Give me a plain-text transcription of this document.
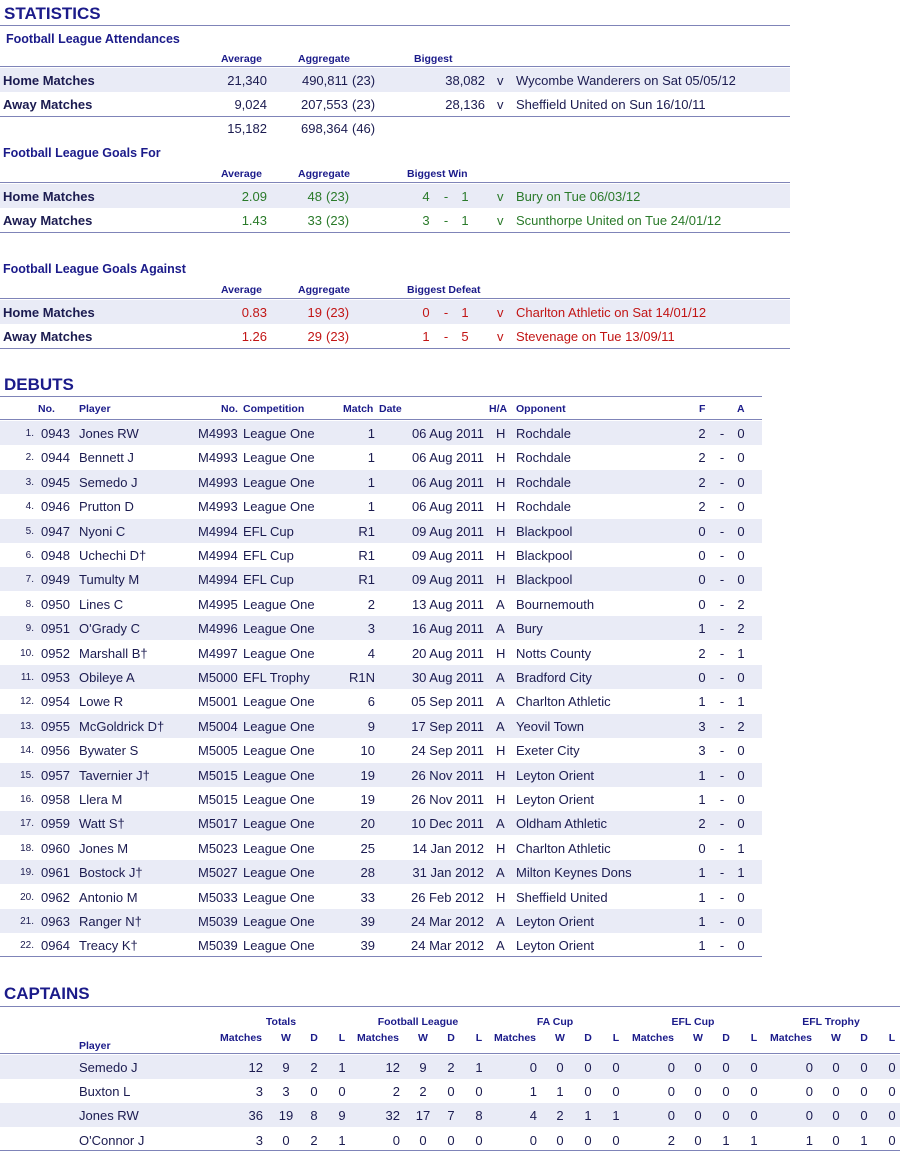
STATISTICS
Football League Attendances
Average	Aggregate	Biggest
Home Matches	21,340	490,811 (23)	38,082 v Wycombe Wanderers on Sat 05/05/12
Away Matches	9,024	207,553 (23)	28,136 v Sheffield United on Sun 16/10/11
15,182	698,364 (46)
Football League Goals For
Average	Aggregate	Biggest Win
Home Matches	2.09	48 (23)	4	-	1	v Bury on Tue 06/03/12
Away Matches	1.43	33 (23)	3	-	1	v Scunthorpe United on Tue 24/01/12
Football League Goals Against
Average	Aggregate	Biggest Defeat
Home Matches	0.83	19 (23)	0	-	1	v Charlton Athletic on Sat 14/01/12
Away Matches	1.26	29 (23)	1	-	5	v Stevenage on Tue 13/09/11
DEBUTS
No. Player	No. Competition	Match Date	H/A Opponent	F	A
1. 0943 Jones RW	M4993 League One	1	06 Aug 2011 H Rochdale	2	-	0
2. 0944 Bennett J	M4993 League One	1	06 Aug 2011 H Rochdale	2	-	0
3. 0945 Semedo J	M4993 League One	1	06 Aug 2011 H Rochdale	2	-	0
4. 0946 Prutton D	M4993 League One	1	06 Aug 2011 H Rochdale	2	-	0
5. 0947 Nyoni C	M4994 EFL Cup	R1	09 Aug 2011 H Blackpool	0	-	0
6. 0948 Uchechi D†	M4994 EFL Cup	R1	09 Aug 2011 H Blackpool	0	-	0
7. 0949 Tumulty M	M4994 EFL Cup	R1	09 Aug 2011 H Blackpool	0	-	0
8. 0950 Lines C	M4995 League One	2	13 Aug 2011 A Bournemouth	0	-	2
9. 0951 O'Grady C	M4996 League One	3	16 Aug 2011 A Bury	1	-	2
10. 0952 Marshall B†	M4997 League One	4	20 Aug 2011 H Notts County	2	-	1
11. 0953 Obileye A	M5000 EFL Trophy	R1N	30 Aug 2011 A Bradford City	0	-	0
12. 0954 Lowe R	M5001 League One	6	05 Sep 2011 A Charlton Athletic	1	-	1
13. 0955 McGoldrick D†	M5004 League One	9	17 Sep 2011 A Yeovil Town	3	-	2
14. 0956 Bywater S	M5005 League One	10	24 Sep 2011 H Exeter City	3	-	0
15. 0957 Tavernier J†	M5015 League One	19	26 Nov 2011 H Leyton Orient	1	-	0
16. 0958 Llera M	M5015 League One	19	26 Nov 2011 H Leyton Orient	1	-	0
17. 0959 Watt S†	M5017 League One	20	10 Dec 2011 A Oldham Athletic	2	-	0
18. 0960 Jones M	M5023 League One	25	14 Jan 2012 H Charlton Athletic	0	-	1
19. 0961 Bostock J†	M5027 League One	28	31 Jan 2012 A Milton Keynes Dons	1	-	1
20. 0962 Antonio M	M5033 League One	33	26 Feb 2012 H Sheffield United	1	-	0
21. 0963 Ranger N†	M5039 League One	39	24 Mar 2012 A Leyton Orient	1	-	0
22. 0964 Treacy K†	M5039 League One	39	24 Mar 2012 A Leyton Orient	1	-	0
CAPTAINS
Player
Totals
Matches	W	D	L
Football League
Matches	W	D	L
FA Cup
Matches	W	D	L
EFL Cup
Matches	W	D	L
EFL Trophy
Matches	W	D	L
Semedo J	12	9	2	1	12	9	2	1	0	0	0	0	0	0	0	0	0	0	0	0
Buxton L	3	3	0	0	2	2	0	0	1	1	0	0	0	0	0	0	0	0	0	0
Jones RW	36	19	8	9	32	17	7	8	4	2	1	1	0	0	0	0	0	0	0	0
O'Connor J	3	0	2	1	0	0	0	0	0	0	0	0	2	0	1	1	1	0	1	0
